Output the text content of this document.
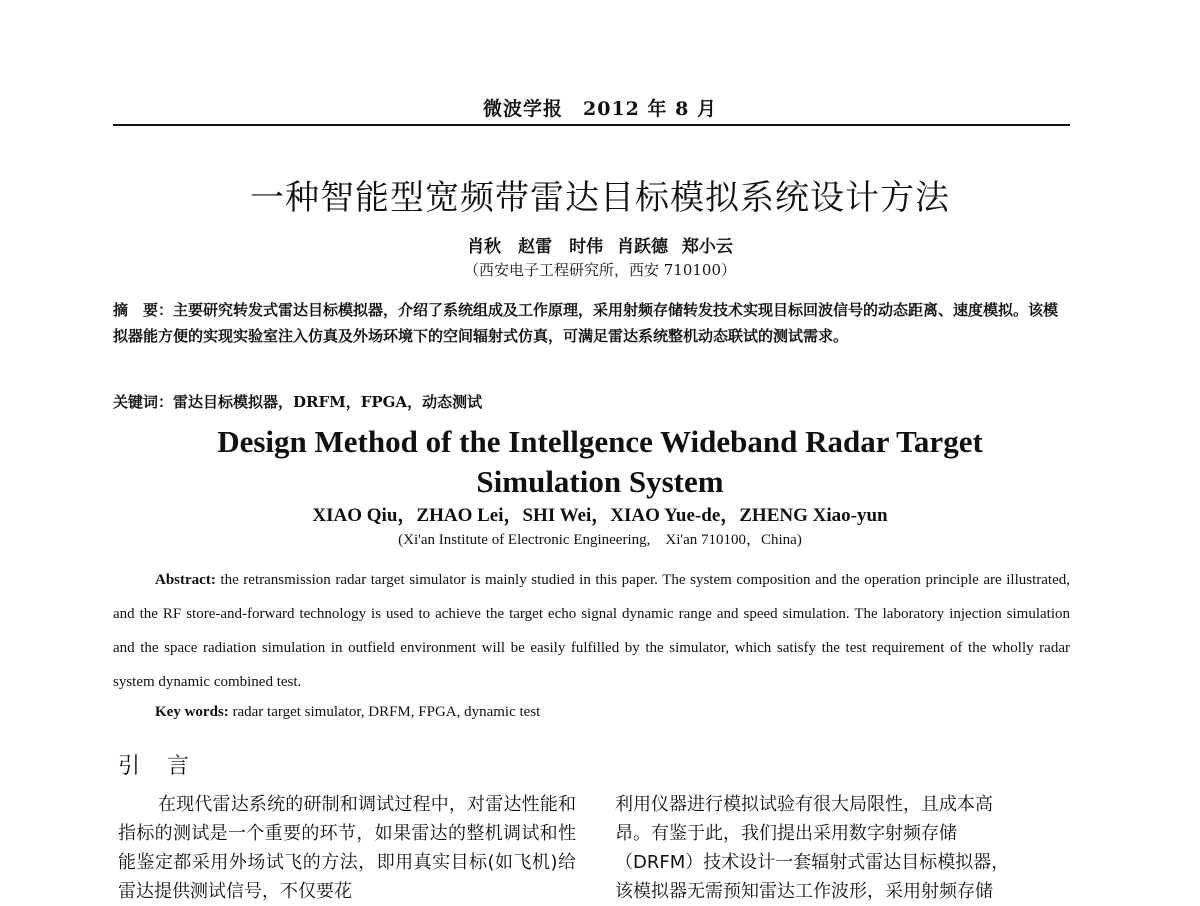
微波学报　2012 年 8 月
一种智能型宽频带雷达目标模拟系统设计方法
肖秋　赵雷　时伟 肖跃德 郑小云
（西安电子工程研究所，西安 710100）
摘　要：主要研究转发式雷达目标模拟器，介绍了系统组成及工作原理，采用射频存储转发技术实现目标回波信号的动态距离、速度模拟。该模拟器能方便的实现实验室注入仿真及外场环境下的空间辐射式仿真，可满足雷达系统整机动态联试的测试需求。
关键词：雷达目标模拟器，DRFM，FPGA，动态测试
Design Method of the Intellgence Wideband Radar Target
Simulation System
XIAO Qiu，ZHAO Lei，SHI Wei，XIAO Yue-de，ZHENG Xiao-yun
(Xi'an Institute of Electronic Engineering,　Xi'an 710100，China)
Abstract: the retransmission radar target simulator is mainly studied in this paper. The system composition and the operation principle are illustrated, and the RF store-and-forward technology is used to achieve the target echo signal dynamic range and speed simulation. The laboratory injection simulation and the space radiation simulation in outfield environment will be easily fulfilled by the simulator, which satisfy the test requirement of the wholly radar system dynamic combined test.
Key words: radar target simulator, DRFM, FPGA, dynamic test
引 言
在现代雷达系统的研制和调试过程中，对雷达性能和指标的测试是一个重要的环节，如果雷达的整机调试和性能鉴定都采用外场试飞的方法，即用真实目标(如飞机)给雷达提供测试信号，不仅要花
利用仪器进行模拟试验有很大局限性，且成本高
昂。有鉴于此，我们提出采用数字射频存储
（DRFM）技术设计一套辐射式雷达目标模拟器，
该模拟器无需预知雷达工作波形，采用射频存储
